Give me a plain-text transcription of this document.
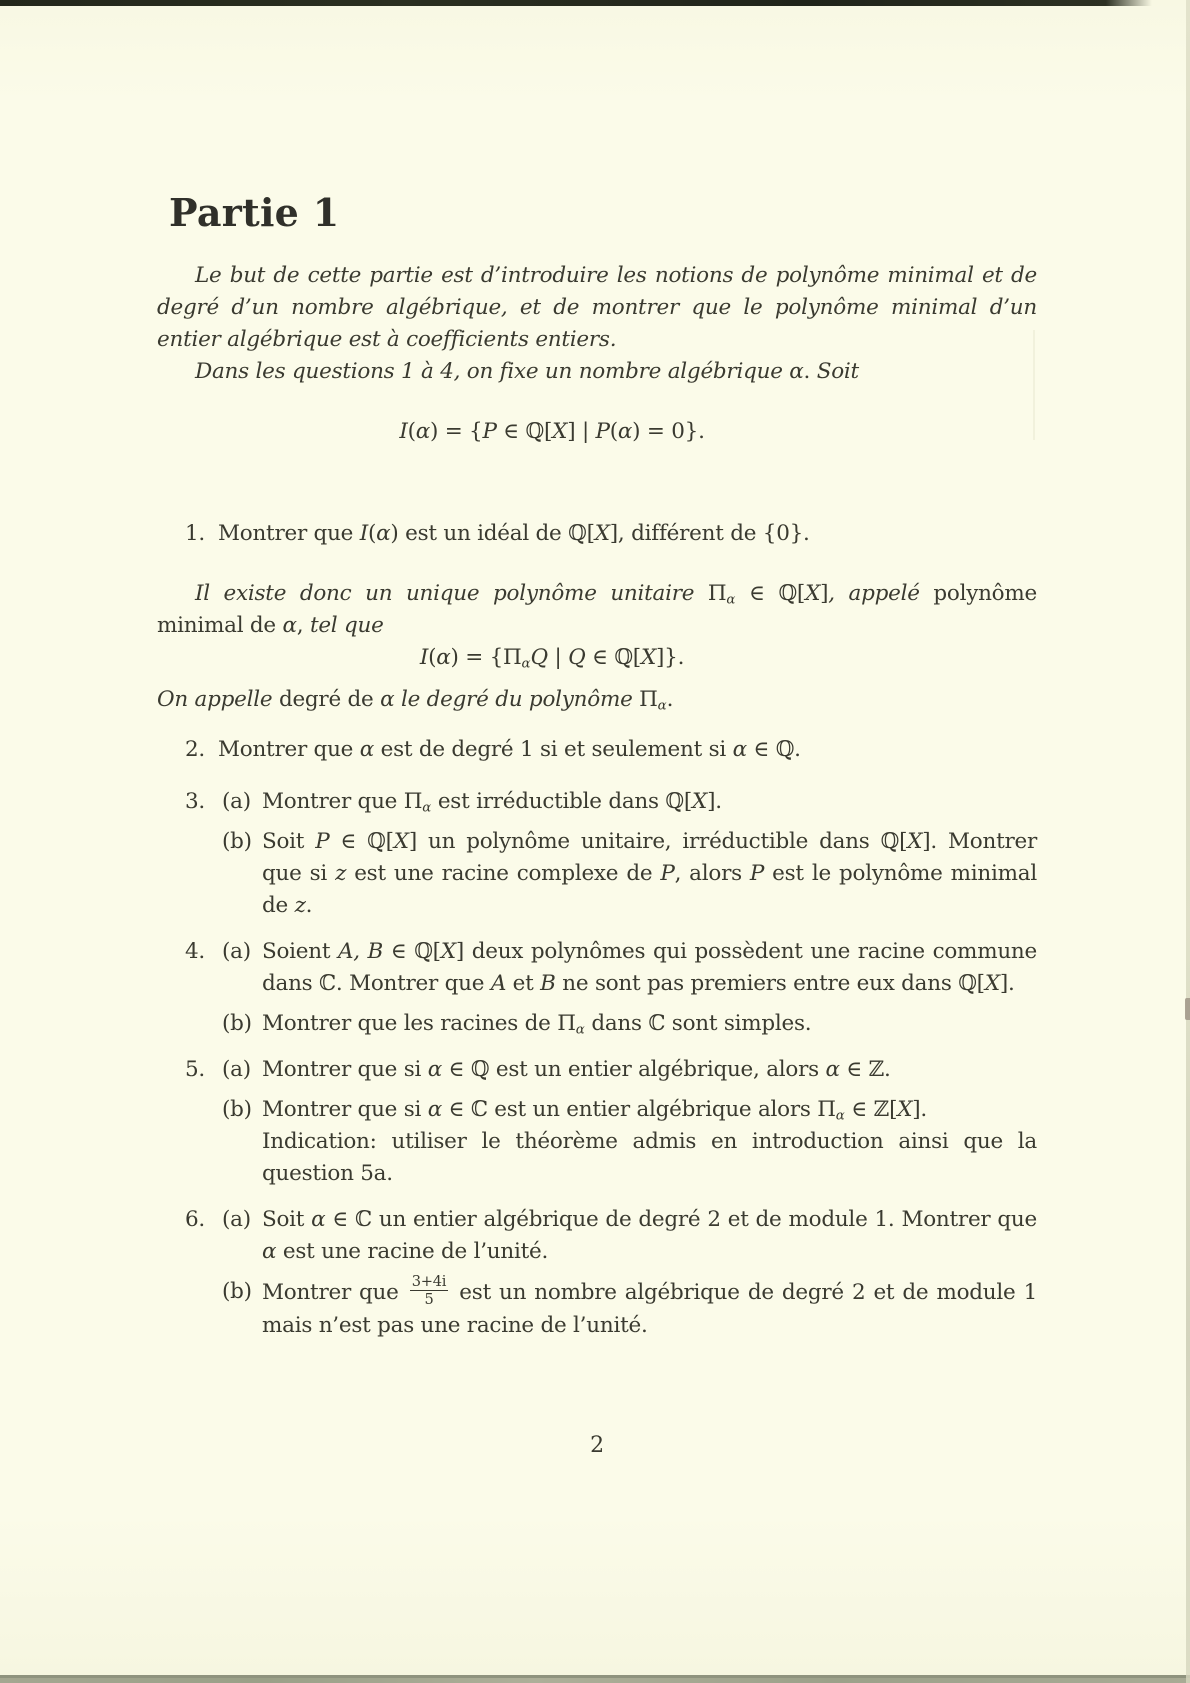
Partie 1

Le but de cette partie est d’introduire les notions de polynôme minimal et de degré d’un nombre algébrique, et de montrer que le polynôme minimal d’un entier algébrique est à coefficients entiers.

Dans les questions 1 à 4, on fixe un nombre algébrique α. Soit

I(α) = {P ∈ ℚ[X] | P(α) = 0}.
1. Montrer que I(α) est un idéal de ℚ[X], différent de {0}.

Il existe donc un unique polynôme unitaire $\Pi_\alpha$ ∈ ℚ[X], appelé polynôme minimal de α, tel que

$I(\alpha) = \{\Pi_\alpha Q$ | Q ∈ ℚ[X]}.

On appelle degré de α le degré du polynôme $\Pi_\alpha$.

2. Montrer que α est de degré 1 si et seulement si α ∈ ℚ.
3. (a) Montrer que $\Pi_\alpha$ est irréductible dans ℚ[X].
(b) Soit P ∈ ℚ[X] un polynôme unitaire, irréductible dans ℚ[X]. Montrer que si z est une racine complexe de P, alors P est le polynôme minimal de z.
4. (a) Soient A, B ∈ ℚ[X] deux polynômes qui possèdent une racine commune dans ℂ. Montrer que A et B ne sont pas premiers entre eux dans ℚ[X].
(b) Montrer que les racines de $\Pi_\alpha$ dans ℂ sont simples.
5. (a) Montrer que si α ∈ ℚ est un entier algébrique, alors α ∈ ℤ.
(b) Montrer que si α ∈ ℂ est un entier algébrique alors $\Pi_\alpha$ ∈ ℤ[X].
Indication: utiliser le théorème admis en introduction ainsi que la question 5a.
6. (a) Soit α ∈ ℂ un entier algébrique de degré 2 et de module 1. Montrer que α est une racine de l’unité.
(b) Montrer que $\frac{3+4i}{5}$ est un nombre algébrique de degré 2 et de module 1 mais n’est pas une racine de l’unité.
2
